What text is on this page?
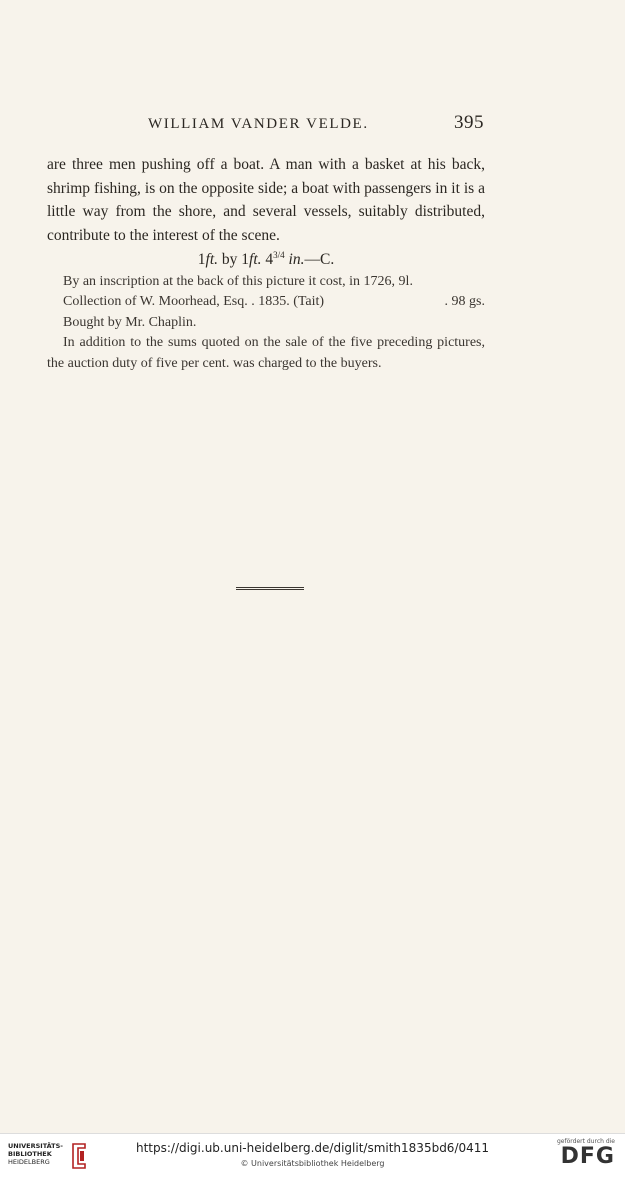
WILLIAM VANDER VELDE.	395

are three men pushing off a boat. A man with a basket at his back, shrimp fishing, is on the opposite side; a boat with passengers in it is a little way from the shore, and several vessels, suitably distributed, contribute to the interest of the scene.

1ft. by 1ft. $4^{3/4}$ in.—C.

By an inscription at the back of this picture it cost, in 1726, 9l.

Collection of W. Moorhead, Esq. . 1835. (Tait)	. 98 gs.

Bought by Mr. Chaplin.

In addition to the sums quoted on the sale of the five preceding pictures, the auction duty of five per cent. was charged to the buyers.

UNIVERSITÄTS-
BIBLIOTHEK
HEIDELBERG
https://digi.ub.uni-heidelberg.de/diglit/smith1835bd6/0411
© Universitätsbibliothek Heidelberg
gefördert durch die
DFG
